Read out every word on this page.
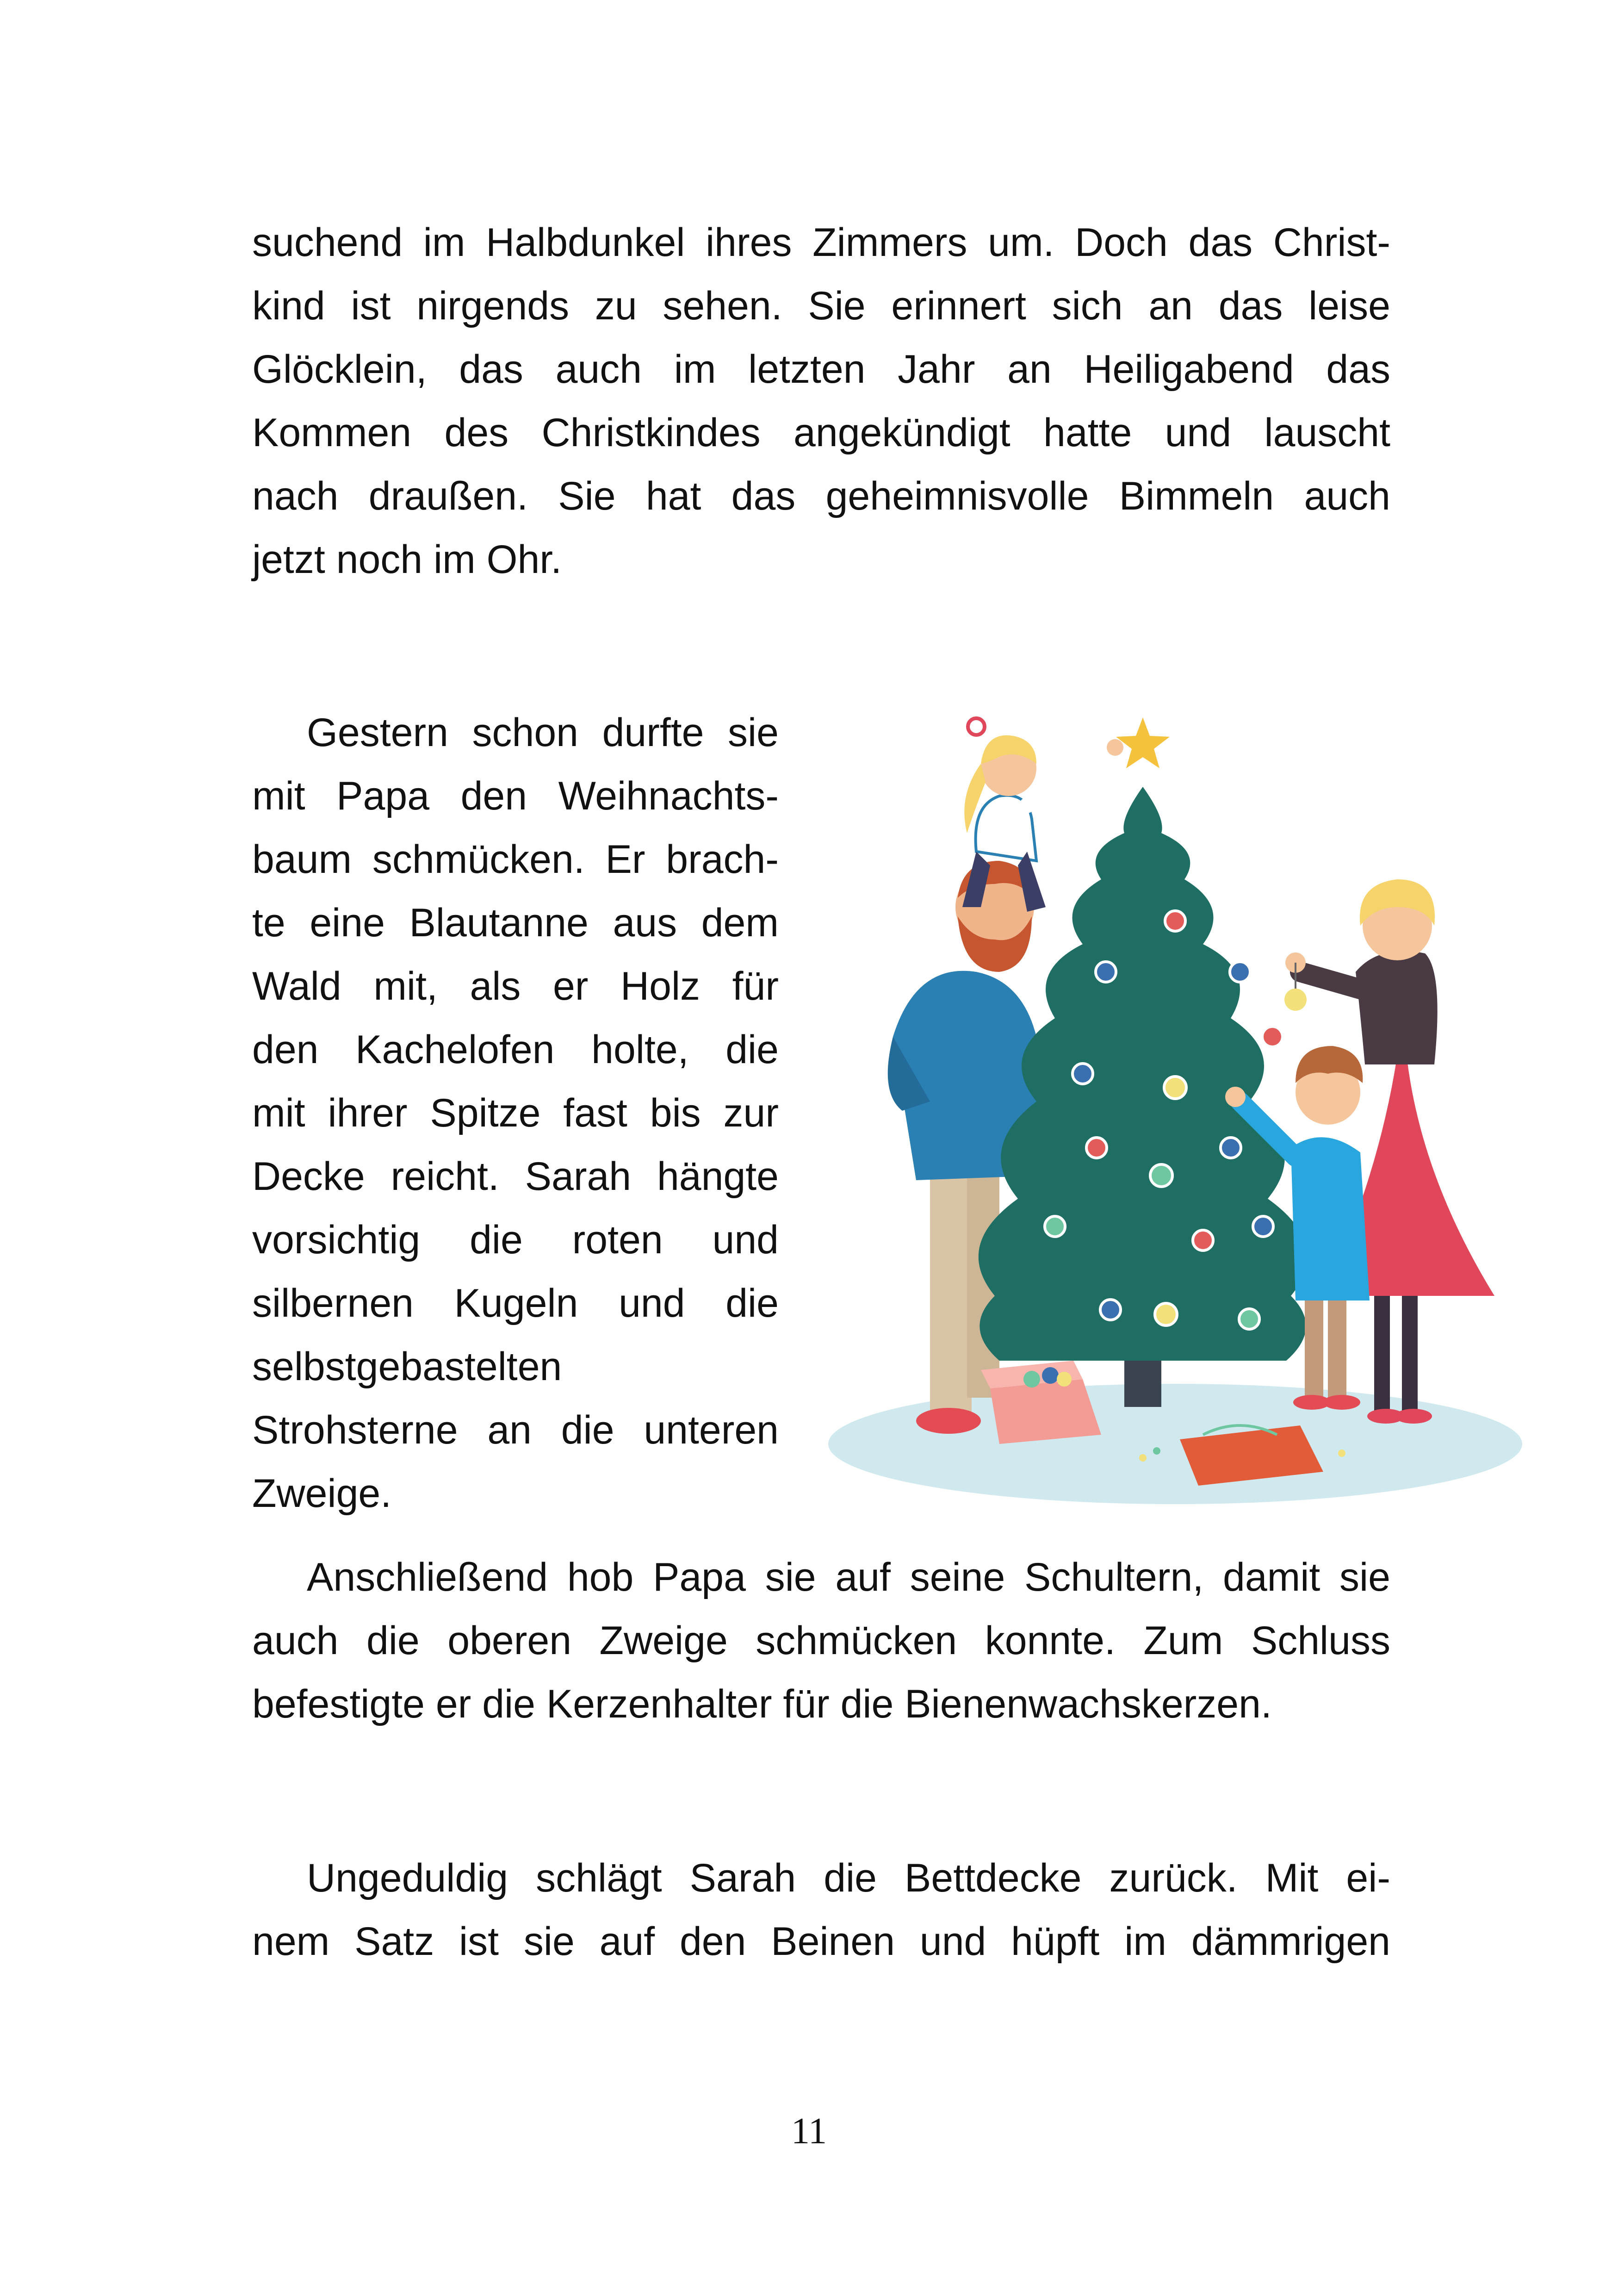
suchend im Halbdunkel ihres Zimmers um. Doch das Christ-
kind ist nirgends zu sehen. Sie erinnert sich an das leise
Glöcklein, das auch im letzten Jahr an Heiligabend das
Kommen des Christkindes angekündigt hatte und lauscht
nach draußen. Sie hat das geheimnisvolle Bimmeln auch
jetzt noch im Ohr.
Gestern schon durfte sie
mit Papa den Weihnachts-
baum schmücken. Er brach-
te eine Blautanne aus dem
Wald mit, als er Holz für
den Kachelofen holte, die
mit ihrer Spitze fast bis zur
Decke reicht. Sarah hängte
vorsichtig die roten und
silbernen Kugeln und die
selbstgebastelten
Strohsterne an die unteren
Zweige.
Anschließend hob Papa sie auf seine Schultern, damit sie
auch die oberen Zweige schmücken konnte. Zum Schluss
befestigte er die Kerzenhalter für die Bienenwachskerzen.
Ungeduldig schlägt Sarah die Bettdecke zurück. Mit ei-
nem Satz ist sie auf den Beinen und hüpft im dämmrigen
11
